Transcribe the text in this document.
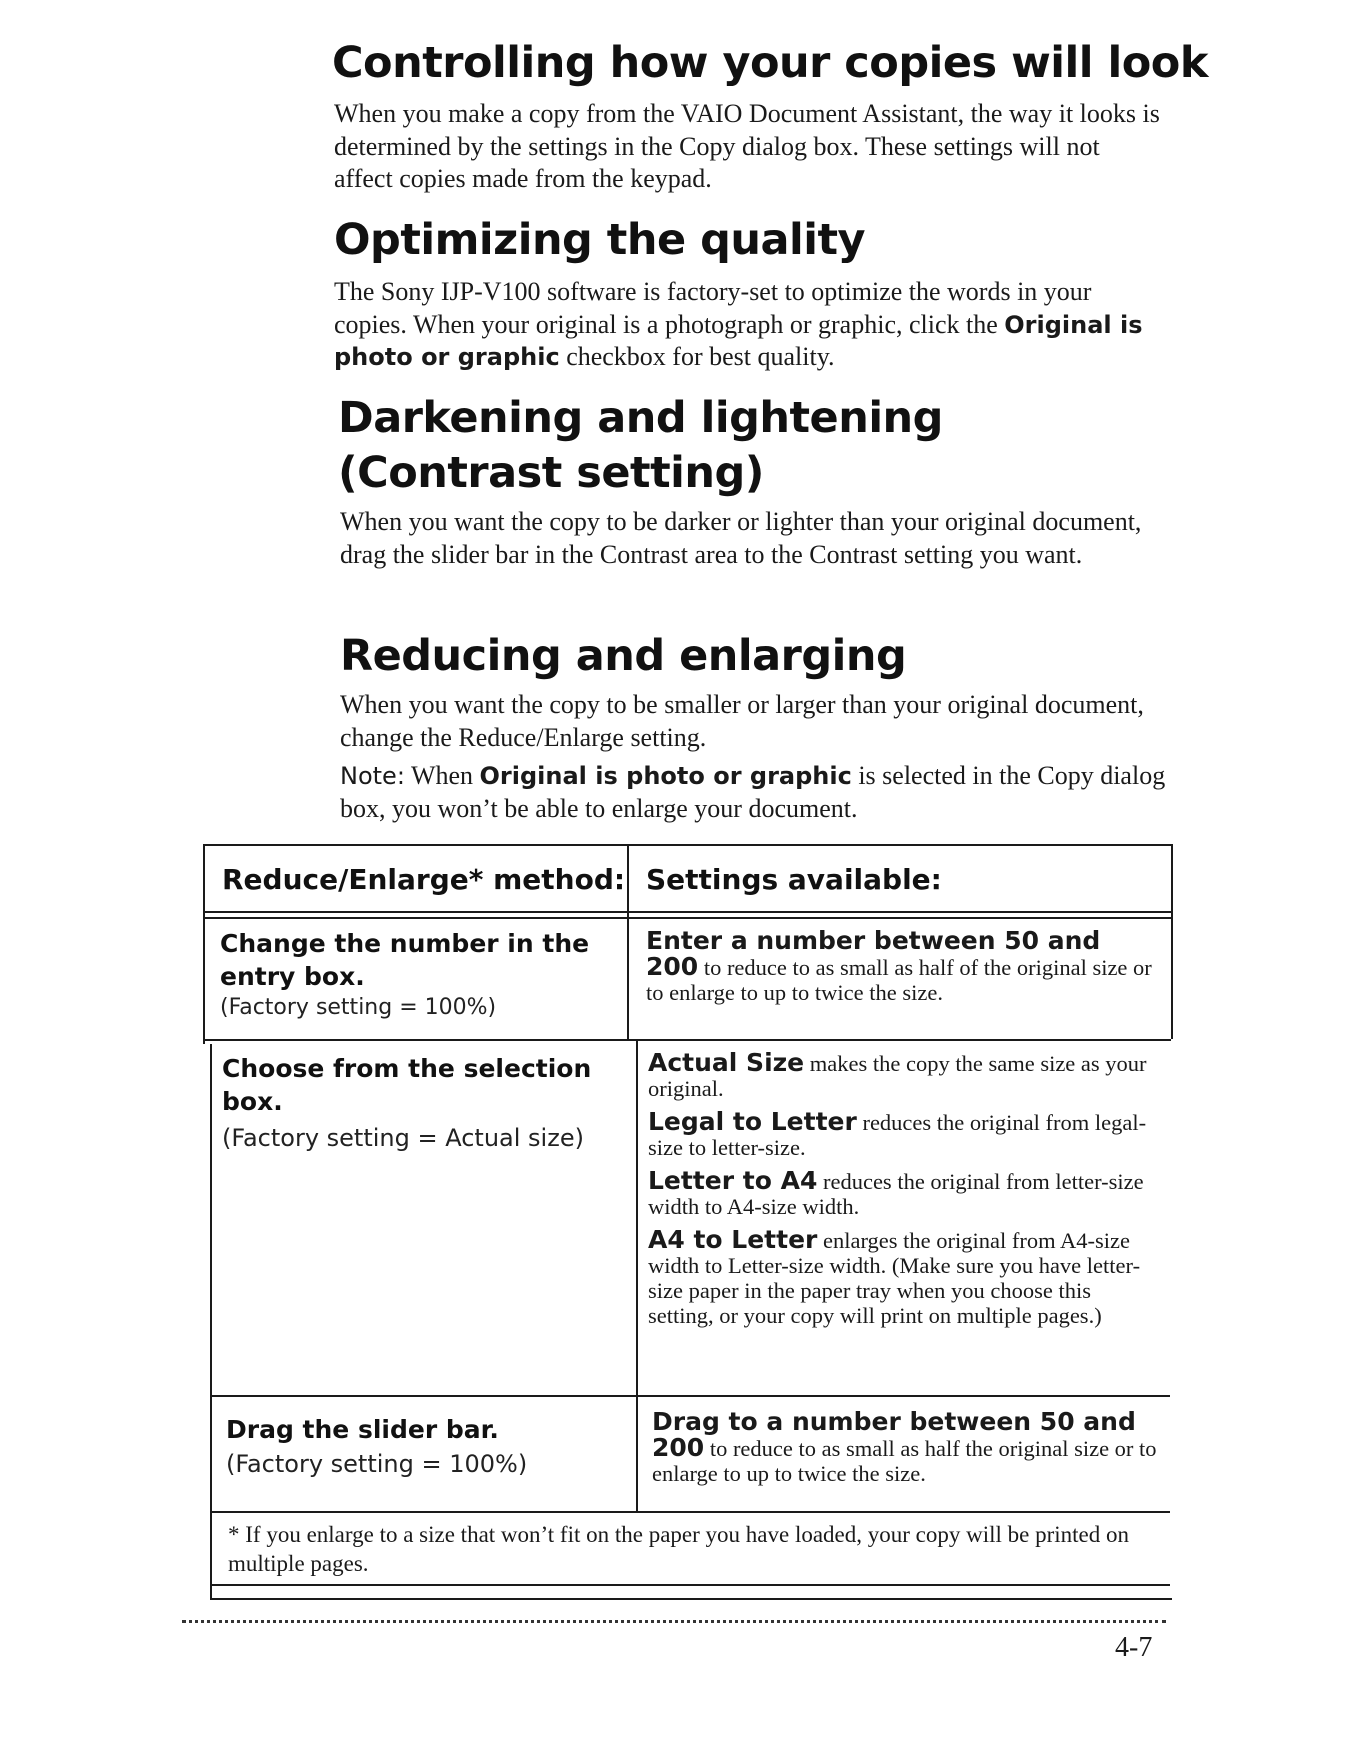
Controlling how your copies will look

When you make a copy from the VAIO Document Assistant, the way it looks is determined by the settings in the Copy dialog box. These settings will not affect copies made from the keypad.

Optimizing the quality

The Sony IJP-V100 software is factory-set to optimize the words in your copies. When your original is a photograph or graphic, click the Original is photo or graphic checkbox for best quality.

Darkening and lightening
(Contrast setting)

When you want the copy to be darker or lighter than your original document, drag the slider bar in the Contrast area to the Contrast setting you want.

Reducing and enlarging

When you want the copy to be smaller or larger than your original document, change the Reduce/Enlarge setting.

Note: When Original is photo or graphic is selected in the Copy dialog box, you won’t be able to enlarge your document.

Reduce/Enlarge* method: Settings available:
Change the number in the entry box.
(Factory setting = 100%)

Enter a number between 50 and 200 to reduce to as small as half of the original size or to enlarge to up to twice the size.

Choose from the selection box.
(Factory setting = Actual size)

Actual Size makes the copy the same size as your original.

Legal to Letter reduces the original from legal-size to letter-size.

Letter to A4 reduces the original from letter-size width to A4-size width.

A4 to Letter enlarges the original from A4-size width to Letter-size width. (Make sure you have letter-size paper in the paper tray when you choose this setting, or your copy will print on multiple pages.)

Drag the slider bar.
(Factory setting = 100%)

Drag to a number between 50 and 200 to reduce to as small as half the original size or to enlarge to up to twice the size.

* If you enlarge to a size that won’t fit on the paper you have loaded, your copy will be printed on multiple pages.
4-7
